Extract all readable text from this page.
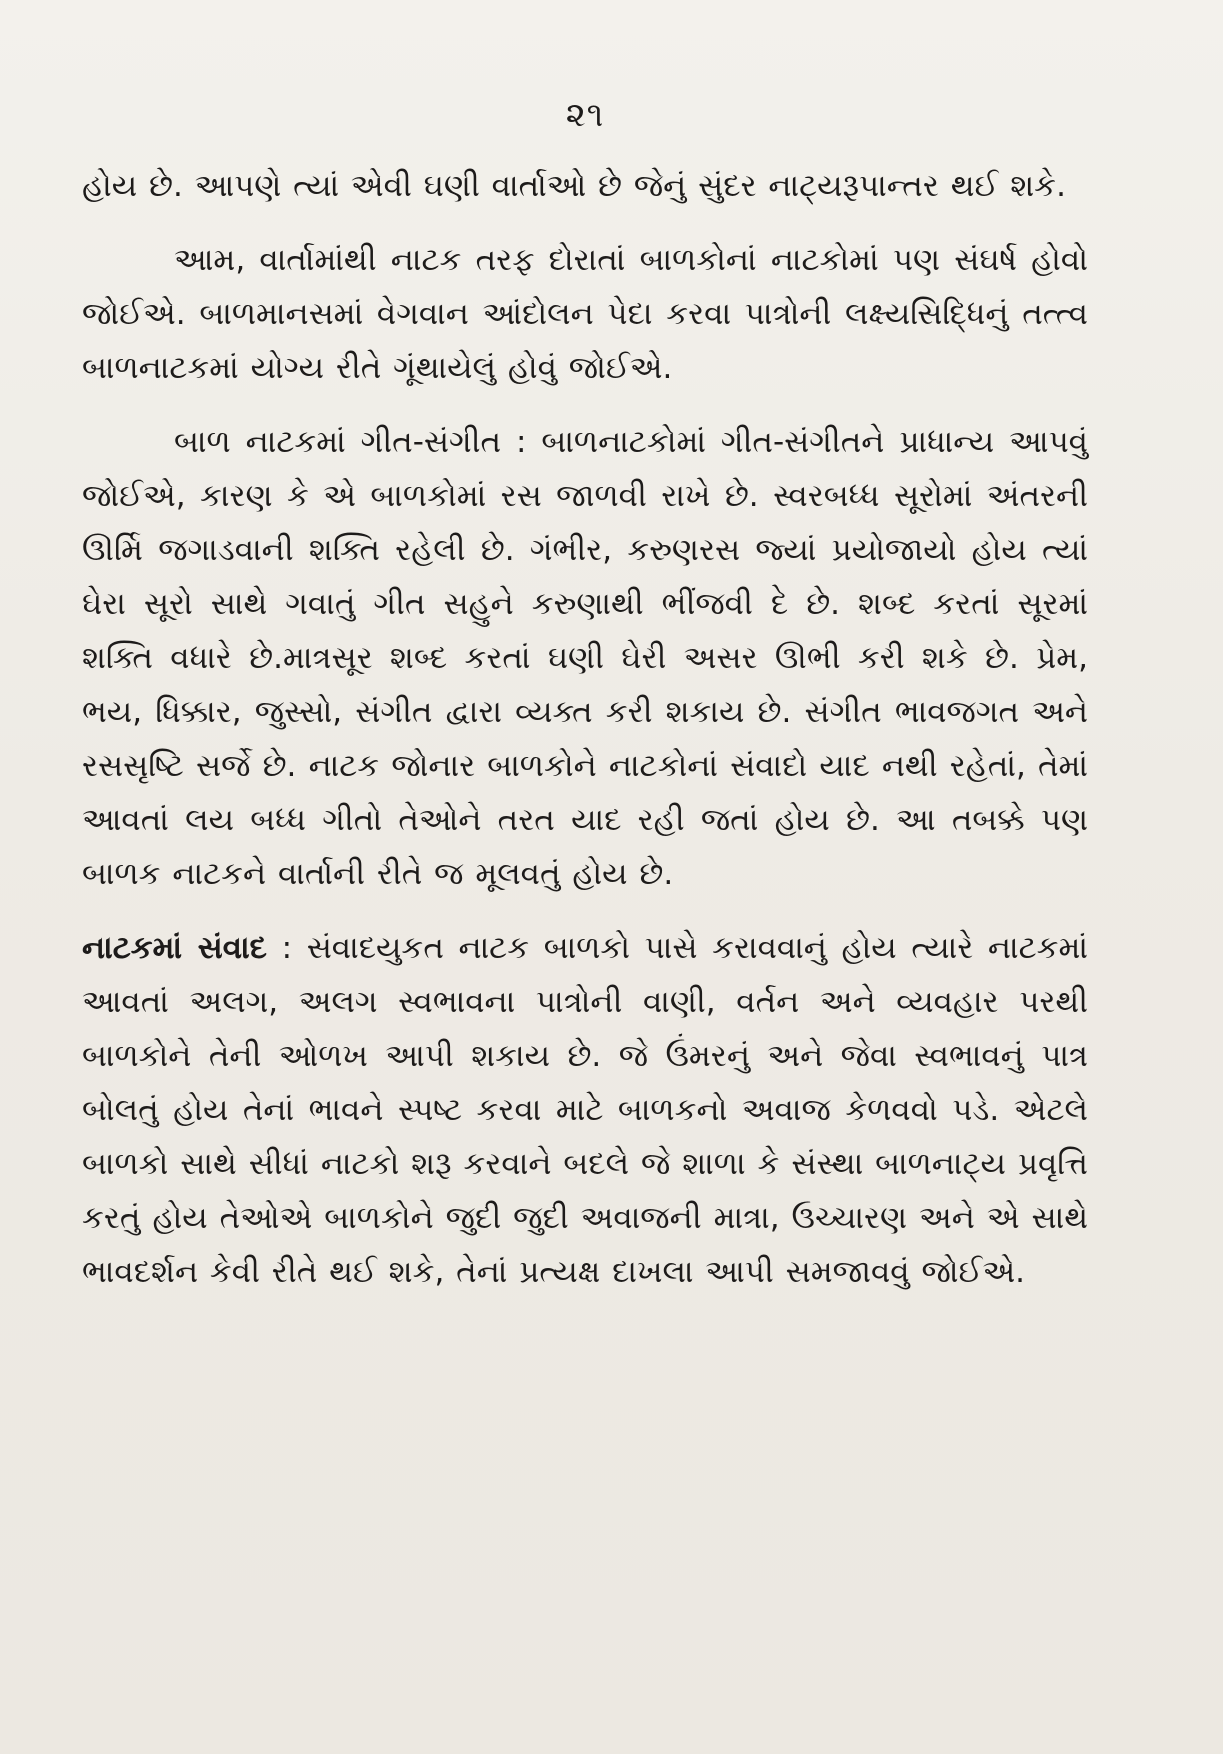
૨૧

હોય છે. આપણે ત્યાં એવી ઘણી વાર્તાઓ છે જેનું સુંદર નાટ્યરૂપાન્તર થઈ શકે.

આમ, વાર્તામાંથી નાટક તરફ દોરાતાં બાળકોનાં નાટકોમાં પણ સંઘર્ષ હોવો જોઈએ. બાળમાનસમાં વેગવાન આંદોલન પેદા કરવા પાત્રોની લક્ષ્યસિદ્ધિનું તત્ત્વ બાળનાટકમાં યોગ્ય રીતે ગૂંથાયેલું હોવું જોઈએ.

બાળ નાટકમાં ગીત-સંગીત : બાળનાટકોમાં ગીત-સંગીતને પ્રાધાન્ય આપવું જોઈએ, કારણ કે એ બાળકોમાં રસ જાળવી રાખે છે. સ્વરબધ્ધ સૂરોમાં અંતરની ઊર્મિ જગાડવાની શક્તિ રહેલી છે. ગંભીર, કરુણરસ જ્યાં પ્રયોજાયો હોય ત્યાં ઘેરા સૂરો સાથે ગવાતું ગીત સહુને કરુણાથી ભીંજવી દે છે. શબ્દ કરતાં સૂરમાં શક્તિ વધારે છે.માત્રસૂર શબ્દ કરતાં ઘણી ઘેરી અસર ઊભી કરી શકે છે. પ્રેમ, ભય, ધિક્કાર, જુસ્સો, સંગીત દ્વારા વ્યક્ત કરી શકાય છે. સંગીત ભાવજગત અને રસસૃષ્ટિ સર્જે છે. નાટક જોનાર બાળકોને નાટકોનાં સંવાદો યાદ નથી રહેતાં, તેમાં આવતાં લય બધ્ધ ગીતો તેઓને તરત યાદ રહી જતાં હોય છે. આ તબક્કે પણ બાળક નાટકને વાર્તાની રીતે જ મૂલવતું હોય છે.

નાટકમાં સંવાદ : સંવાદયુકત નાટક બાળકો પાસે કરાવવાનું હોય ત્યારે નાટકમાં આવતાં અલગ, અલગ સ્વભાવના પાત્રોની વાણી, વર્તન અને વ્યવહાર પરથી બાળકોને તેની ઓળખ આપી શકાય છે. જે ઉંમરનું અને જેવા સ્વભાવનું પાત્ર બોલતું હોય તેનાં ભાવને સ્પષ્ટ કરવા માટે બાળકનો અવાજ કેળવવો પડે. એટલે બાળકો સાથે સીધાં નાટકો શરૂ કરવાને બદલે જે શાળા કે સંસ્થા બાળનાટ્ય પ્રવૃત્તિ કરતું હોય તેઓએ બાળકોને જુદી જુદી અવાજની માત્રા, ઉચ્ચારણ અને એ સાથે ભાવદર્શન કેવી રીતે થઈ શકે, તેનાં પ્રત્યક્ષ દાખલા આપી સમજાવવું જોઈએ.
